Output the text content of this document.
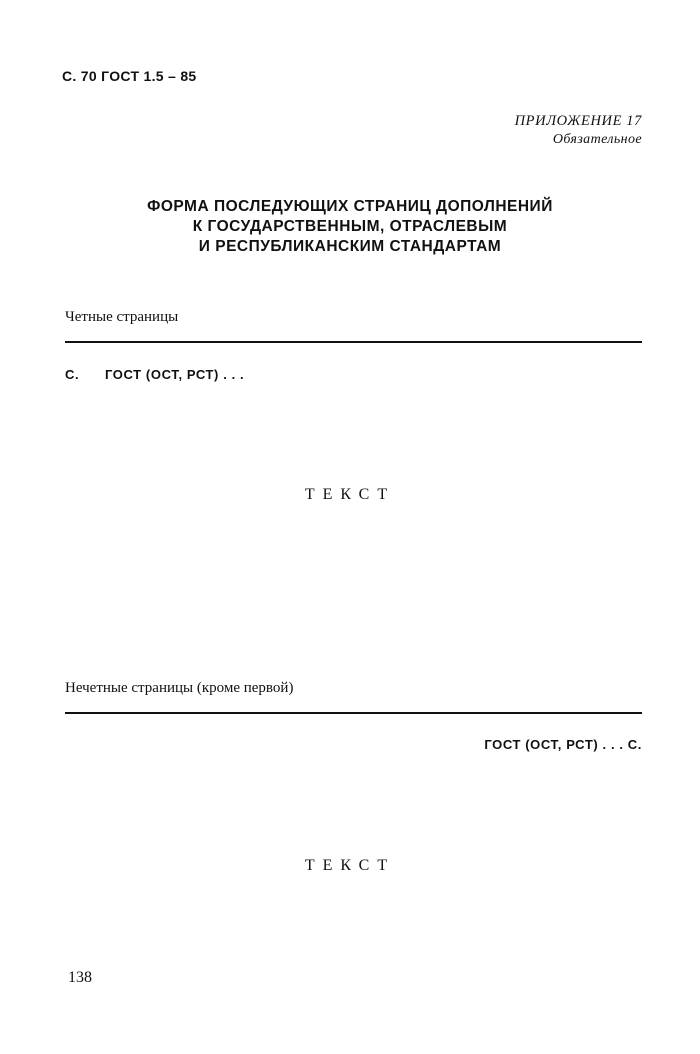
С. 70 ГОСТ 1.5 – 85
ПРИЛОЖЕНИЕ 17
Обязательное
ФОРМА ПОСЛЕДУЮЩИХ СТРАНИЦ ДОПОЛНЕНИЙ
К ГОСУДАРСТВЕННЫМ, ОТРАСЛЕВЫМ
И РЕСПУБЛИКАНСКИМ СТАНДАРТАМ
Четные страницы
С. ГОСТ (ОСТ, РСТ) . . .
ТЕКСТ
Нечетные страницы (кроме первой)
ГОСТ (ОСТ, РСТ) . . . С.
ТЕКСТ
138
